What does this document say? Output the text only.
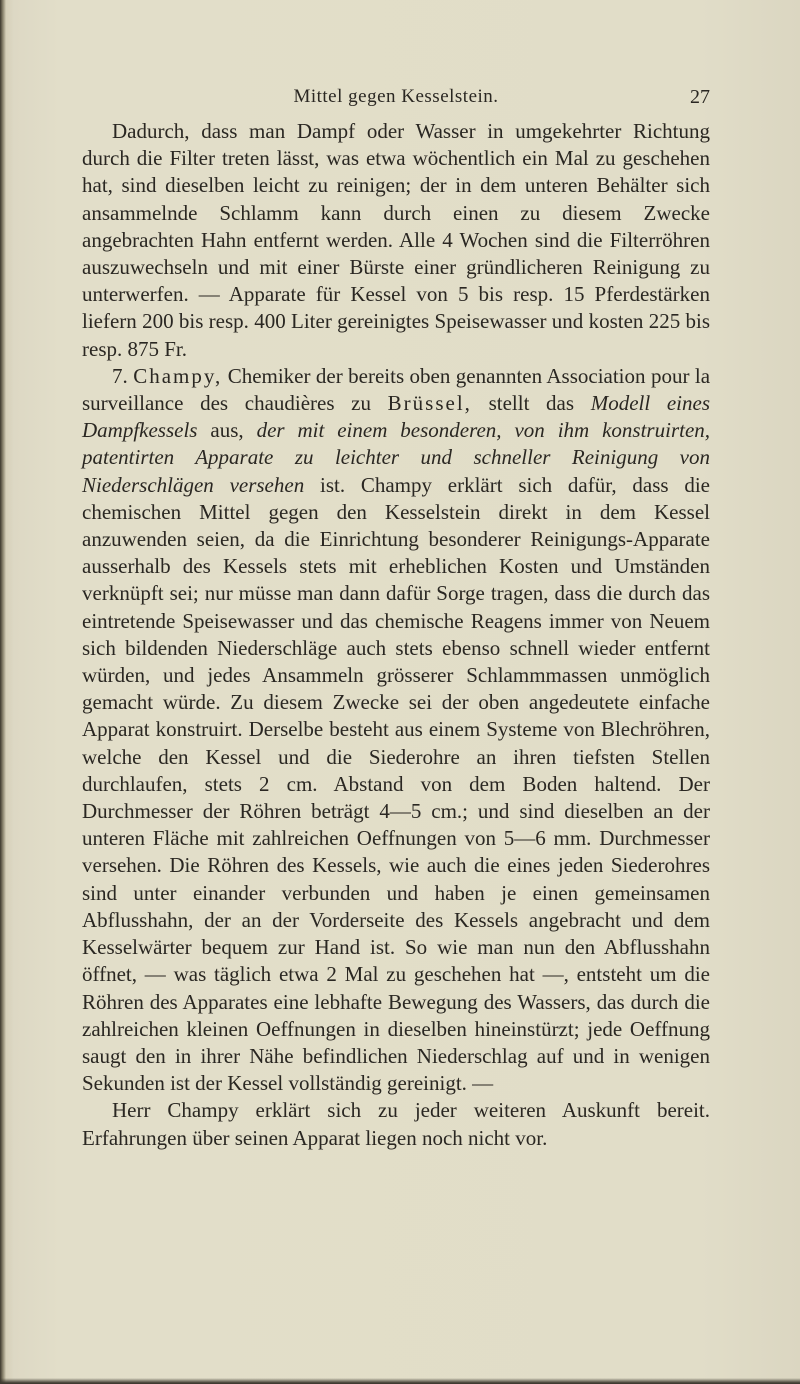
Mittel gegen Kesselstein.	27

Dadurch, dass man Dampf oder Wasser in umgekehrter Richtung durch die Filter treten lässt, was etwa wöchentlich ein Mal zu geschehen hat, sind dieselben leicht zu reinigen; der in dem unteren Behälter sich ansammelnde Schlamm kann durch einen zu diesem Zwecke angebrachten Hahn entfernt werden. Alle 4 Wochen sind die Filterröhren auszuwechseln und mit einer Bürste einer gründlicheren Reinigung zu unterwerfen. — Apparate für Kessel von 5 bis resp. 15 Pferdestärken liefern 200 bis resp. 400 Liter gereinigtes Speisewasser und kosten 225 bis resp. 875 Fr.

7. Champy, Chemiker der bereits oben genannten Association pour la surveillance des chaudières zu Brüssel, stellt das Modell eines Dampfkessels aus, der mit einem besonderen, von ihm konstruirten, patentirten Apparate zu leichter und schneller Reinigung von Niederschlägen versehen ist. Champy erklärt sich dafür, dass die chemischen Mittel gegen den Kesselstein direkt in dem Kessel anzuwenden seien, da die Einrichtung besonderer Reinigungs-Apparate ausserhalb des Kessels stets mit erheblichen Kosten und Umständen verknüpft sei; nur müsse man dann dafür Sorge tragen, dass die durch das eintretende Speisewasser und das chemische Reagens immer von Neuem sich bildenden Niederschläge auch stets ebenso schnell wieder entfernt würden, und jedes Ansammeln grösserer Schlammmassen unmöglich gemacht würde. Zu diesem Zwecke sei der oben angedeutete einfache Apparat konstruirt. Derselbe besteht aus einem Systeme von Blechröhren, welche den Kessel und die Siederohre an ihren tiefsten Stellen durchlaufen, stets 2 cm. Abstand von dem Boden haltend. Der Durchmesser der Röhren beträgt 4—5 cm.; und sind dieselben an der unteren Fläche mit zahlreichen Oeffnungen von 5—6 mm. Durchmesser versehen. Die Röhren des Kessels, wie auch die eines jeden Siederohres sind unter einander verbunden und haben je einen gemeinsamen Abflusshahn, der an der Vorderseite des Kessels angebracht und dem Kesselwärter bequem zur Hand ist. So wie man nun den Abflusshahn öffnet, — was täglich etwa 2 Mal zu geschehen hat —, entsteht um die Röhren des Apparates eine lebhafte Bewegung des Wassers, das durch die zahlreichen kleinen Oeffnungen in dieselben hineinstürzt; jede Oeffnung saugt den in ihrer Nähe befindlichen Niederschlag auf und in wenigen Sekunden ist der Kessel vollständig gereinigt. —

Herr Champy erklärt sich zu jeder weiteren Auskunft bereit. Erfahrungen über seinen Apparat liegen noch nicht vor.
